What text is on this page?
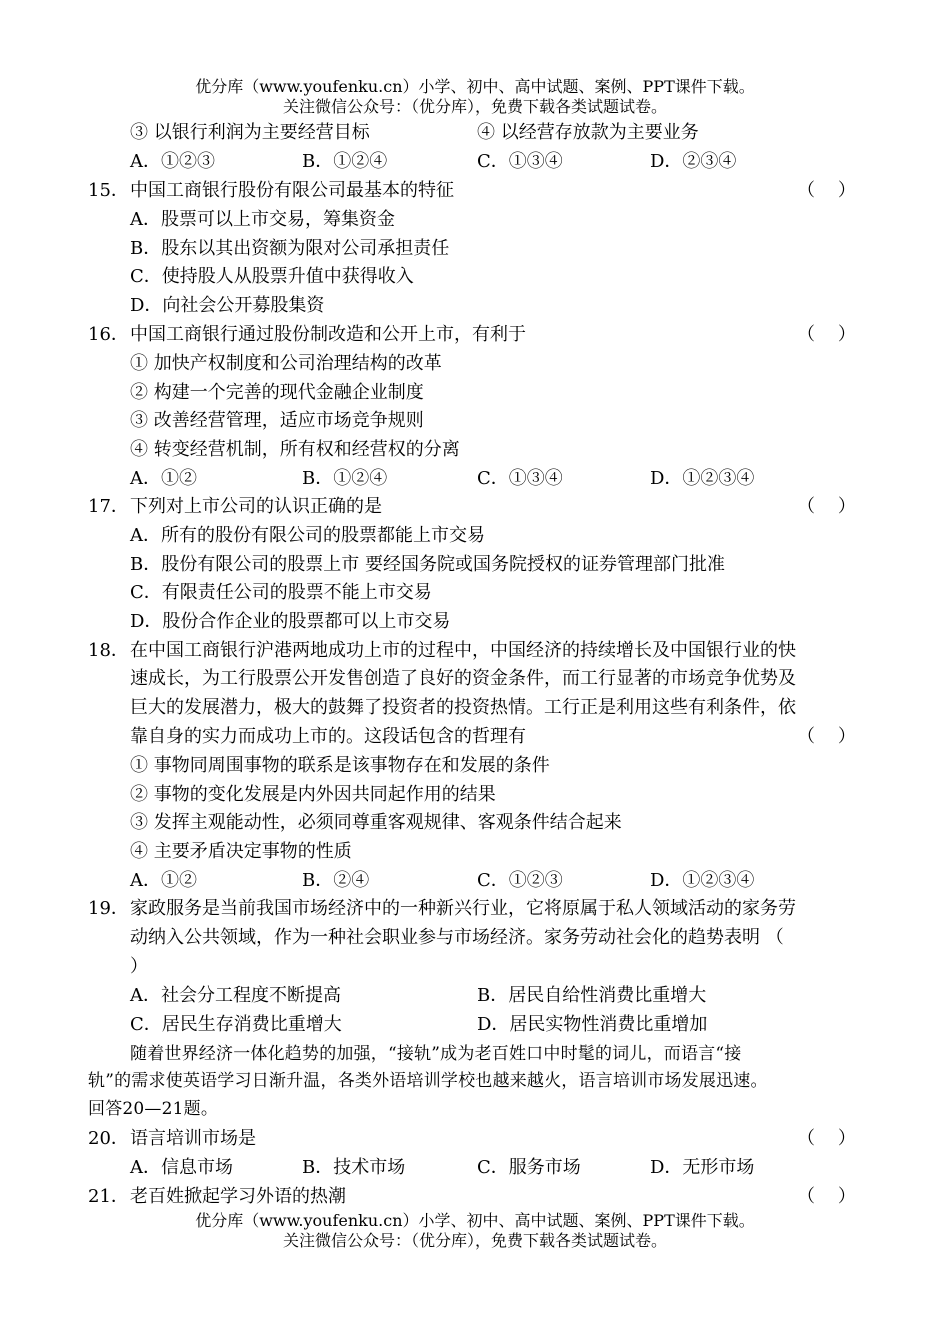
优分库（www.youfenku.cn）小学、初中、高中试题、案例、PPT课件下载。
关注微信公众号：（优分库），免费下载各类试题试卷。
③ 以银行利润为主要经营目标	④ 以经营存放款为主要业务
A．①②③	B．①②④	C．①③④	D．②③④
15． 中国工商银行股份有限公司最基本的特征	（    ）
A．股票可以上市交易，筹集资金
B．股东以其出资额为限对公司承担责任
C．使持股人从股票升值中获得收入
D．向社会公开募股集资
16． 中国工商银行通过股份制改造和公开上市，有利于	（    ）
① 加快产权制度和公司治理结构的改革
② 构建一个完善的现代金融企业制度
③ 改善经营管理，适应市场竞争规则
④ 转变经营机制，所有权和经营权的分离
A．①②	B．①②④	C．①③④	D．①②③④
17． 下列对上市公司的认识正确的是	（    ）
A．所有的股份有限公司的股票都能上市交易
B．股份有限公司的股票上市 要经国务院或国务院授权的证券管理部门批准
C．有限责任公司的股票不能上市交易
D．股份合作企业的股票都可以上市交易
18． 在中国工商银行沪港两地成功上市的过程中，中国经济的持续增长及中国银行业的快
速成长，为工行股票公开发售创造了良好的资金条件，而工行显著的市场竞争优势及
巨大的发展潜力，极大的鼓舞了投资者的投资热情。工行正是利用这些有利条件，依
靠自身的实力而成功上市的。这段话包含的哲理有	（    ）
① 事物同周围事物的联系是该事物存在和发展的条件
② 事物的变化发展是内外因共同起作用的结果
③ 发挥主观能动性，必须同尊重客观规律、客观条件结合起来
④ 主要矛盾决定事物的性质
A．①②	B．②④	C．①②③	D．①②③④
19． 家政服务是当前我国市场经济中的一种新兴行业，它将原属于私人领域活动的家务劳
动纳入公共领域，作为一种社会职业参与市场经济。家务劳动社会化的趋势表明 （
）
A．社会分工程度不断提高	B．居民自给性消费比重增大
C．居民生存消费比重增大	D．居民实物性消费比重增加
随着世界经济一体化趋势的加强，“接轨”成为老百姓口中时髦的词儿，而语言“接
轨”的需求使英语学习日渐升温，各类外语培训学校也越来越火，语言培训市场发展迅速。
回答20—21题。
20． 语言培训市场是	（    ）
A．信息市场	B．技术市场	C．服务市场	D．无形市场
21． 老百姓掀起学习外语的热潮	（    ）
优分库（www.youfenku.cn）小学、初中、高中试题、案例、PPT课件下载。
关注微信公众号：（优分库），免费下载各类试题试卷。
